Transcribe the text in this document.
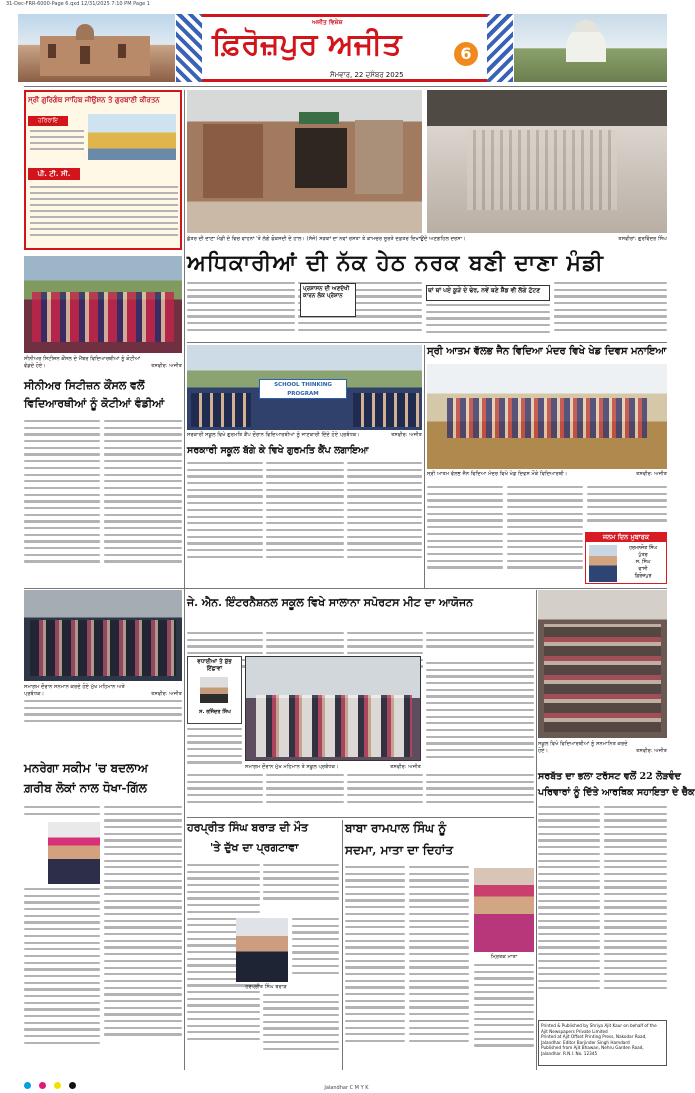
31-Dec-FRR-6000-Page 6.qxd 12/31/2025 7:10 PM Page 1
ਅਜੀਤ ਵਿਸ਼ੇਸ਼
ਫ਼ਿਰੋਜ਼ਪੁਰ ਅਜੀਤ
ਸੋਮਵਾਰ, 22 ਦਸੰਬਰ 2025
6
ਸ੍ਰੀ ਗੁਰਿਗੰਥ ਸਾਹਿਬ ਜੀਉਸ਼ਨ ਤੇ ਗੁਰਬਾਣੀ ਕੀਰਤਨ
ਹਰਿਰਾਇ
ਪੀ. ਟੀ. ਸੀ.
ਛੱਤਰ ਦੀ ਦਾਣਾ ਮੰਡੀ ਦੇ ਵਿਚ ਵਾਹਨਾਂ 'ਤੇ ਲੱਗੇ ਫੋਕਸਦੀ ਦੇ ਹਾਲ। (ਸੱਜੇ) ਸੜਕਾਂ ਦਾ ਨਵਾਂ ਰਸਤਾ ਤੇ ਕਾਮਚਰ ਸੂਰਤੇ ਦਫ਼ਤਰ ਦਿਖਾਉਂਦੇ ਅਣਗਹਿਲ ਦਰਸਾ।	ਤਸਵੀਰਾਂ: ਗੁਰਵਿੰਦਰ ਸਿੰਘ
ਅਧਿਕਾਰੀਆਂ ਦੀ ਨੱਕ ਹੇਠ ਨਰਕ ਬਣੀ ਦਾਣਾ ਮੰਡੀ
ਸੀਨੀਅਰ ਸਿਟੀਜ਼ਨ ਕੌਂਸਲ ਦੇ ਮੈਂਬਰ ਵਿਦਿਆਰਥੀਆਂ ਨੂੰ ਕੋਟੀਆਂ ਵੰਡਦੇ ਹੋਏ।	ਤਸਵੀਰ: ਅਜੀਤ
ਪ੍ਰਸ਼ਾਸਨ ਦੀ ਅਣਦੇਖੀ ਕਾਰਨ ਲੋਕ ਪ੍ਰੇਸ਼ਾਨ
ਥਾਂ ਥਾਂ ਪਏ ਕੂੜੇ ਦੇ ਢੇਰ, ਨਵੇਂ ਬਣੇ ਸ਼ੈੱਡ ਵੀ ਲੱਗੇ ਟੁੱਟਣ
ਸ੍ਰੀ ਆਤਮ ਵੱਲਭ ਜੈਨ ਵਿਦਿਆ ਮੰਦਰ ਵਿਖੇ ਖੇਡ ਦਿਵਸ ਮਨਾਇਆ
ਸੀਨੀਅਰ ਸਿਟੀਜ਼ਨ ਕੌਂਸਲ ਵਲੋਂ
ਵਿਦਿਆਰਥੀਆਂ ਨੂੰ ਕੋਟੀਆਂ ਵੰਡੀਆਂ
SCHOOL THINKING PROGRAM
ਸਰਕਾਰੀ ਸਕੂਲ ਵਿਖੇ ਗੁਰਮਤਿ ਕੈਂਪ ਦੌਰਾਨ ਵਿਦਿਆਰਥੀਆਂ ਨੂੰ ਜਾਣਕਾਰੀ ਦਿੰਦੇ ਹੋਏ ਪ੍ਰਬੰਧਕ।	ਤਸਵੀਰ: ਅਜੀਤ
ਸ੍ਰੀ ਆਤਮ ਵੱਲਭ ਜੈਨ ਵਿਦਿਆ ਮੰਦਰ ਵਿਖੇ ਖੇਡ ਦਿਵਸ ਮੌਕੇ ਵਿਦਿਆਰਥੀ।	ਤਸਵੀਰ: ਅਜੀਤ
ਸਰਕਾਰੀ ਸਕੂਲ ਬੱਗੇ ਕੇ ਵਿਖੇ ਗੁਰਮਤਿ ਕੈਂਪ ਲਗਾਇਆ
ਜਨਮ ਦਿਨ ਮੁਬਾਰਕ
ਹਰਮਨਜੋਤ ਸਿੰਘ
ਪੁੱਤਰ
ਸ. ਸਿੰਘ
ਵਾਸੀ
ਫ਼ਿਰੋਜ਼ਪੁਰ
ਸਮਾਗਮ ਦੌਰਾਨ ਸਨਮਾਨ ਕਰਦੇ ਹੋਏ ਮੁੱਖ ਮਹਿਮਾਨ ਅਤੇ ਪ੍ਰਬੰਧਕ।	ਤਸਵੀਰ: ਅਜੀਤ
ਜੇ. ਐਨ. ਇੰਟਰਨੈਸ਼ਨਲ ਸਕੂਲ ਵਿਖੇ ਸਾਲਾਨਾ ਸਪੋਰਟਸ ਮੀਟ ਦਾ ਆਯੋਜਨ
ਵਧਾਈਆਂ ਤੇ ਸ਼ੁੱਭ
ਇੱਛਾਵਾਂ
ਸ. ਰਜਿੰਦਰ ਸਿੰਘ
ਸਮਾਗਮ ਦੌਰਾਨ ਮੁੱਖ ਮਹਿਮਾਨ ਤੇ ਸਕੂਲ ਪ੍ਰਬੰਧਕ।	ਤਸਵੀਰ: ਅਜੀਤ
ਸਕੂਲ ਵਿਖੇ ਵਿਦਿਆਰਥੀਆਂ ਨੂੰ ਸਨਮਾਨਿਤ ਕਰਦੇ ਹੋਏ।	ਤਸਵੀਰ: ਅਜੀਤ
ਮਨਰੇਗਾ ਸਕੀਮ 'ਚ ਬਦਲਾਅ
ਗ਼ਰੀਬ ਲੋਕਾਂ ਨਾਲ ਧੋਖਾ-ਗਿੱਲ
ਸਰਬੱਤ ਦਾ ਭਲਾ ਟਰੱਸਟ ਵਲੋਂ 22 ਲੋੜਵੰਦ
ਪਰਿਵਾਰਾਂ ਨੂੰ ਦਿੱਤੇ ਆਰਥਿਕ ਸਹਾਇਤਾ ਦੇ ਚੈੱਕ
ਹਰਪ੍ਰੀਤ ਸਿੰਘ ਬਰਾੜ ਦੀ ਮੌਤ
'ਤੇ ਦੁੱਖ ਦਾ ਪ੍ਰਗਟਾਵਾ
ਹਰਪ੍ਰੀਤ ਸਿੰਘ ਬਰਾੜ
ਬਾਬਾ ਰਾਮਪਾਲ ਸਿੰਘ ਨੂੰ
ਸਦਮਾ, ਮਾਤਾ ਦਾ ਦਿਹਾਂਤ
ਮ੍ਰਿਤਕ ਮਾਤਾ
Printed & Published by Shriya Ajit Kaur on behalf of the Ajit Newspapers Private Limited
Printed at Ajit Offset Printing Press, Nakodar Road, Jalandhar. Editor Barjinder Singh Hamdard
Published from Ajit Bhawan, Nehru Garden Road, Jalandhar. R.N.I. No. 12345
Jalandhar C M Y K
